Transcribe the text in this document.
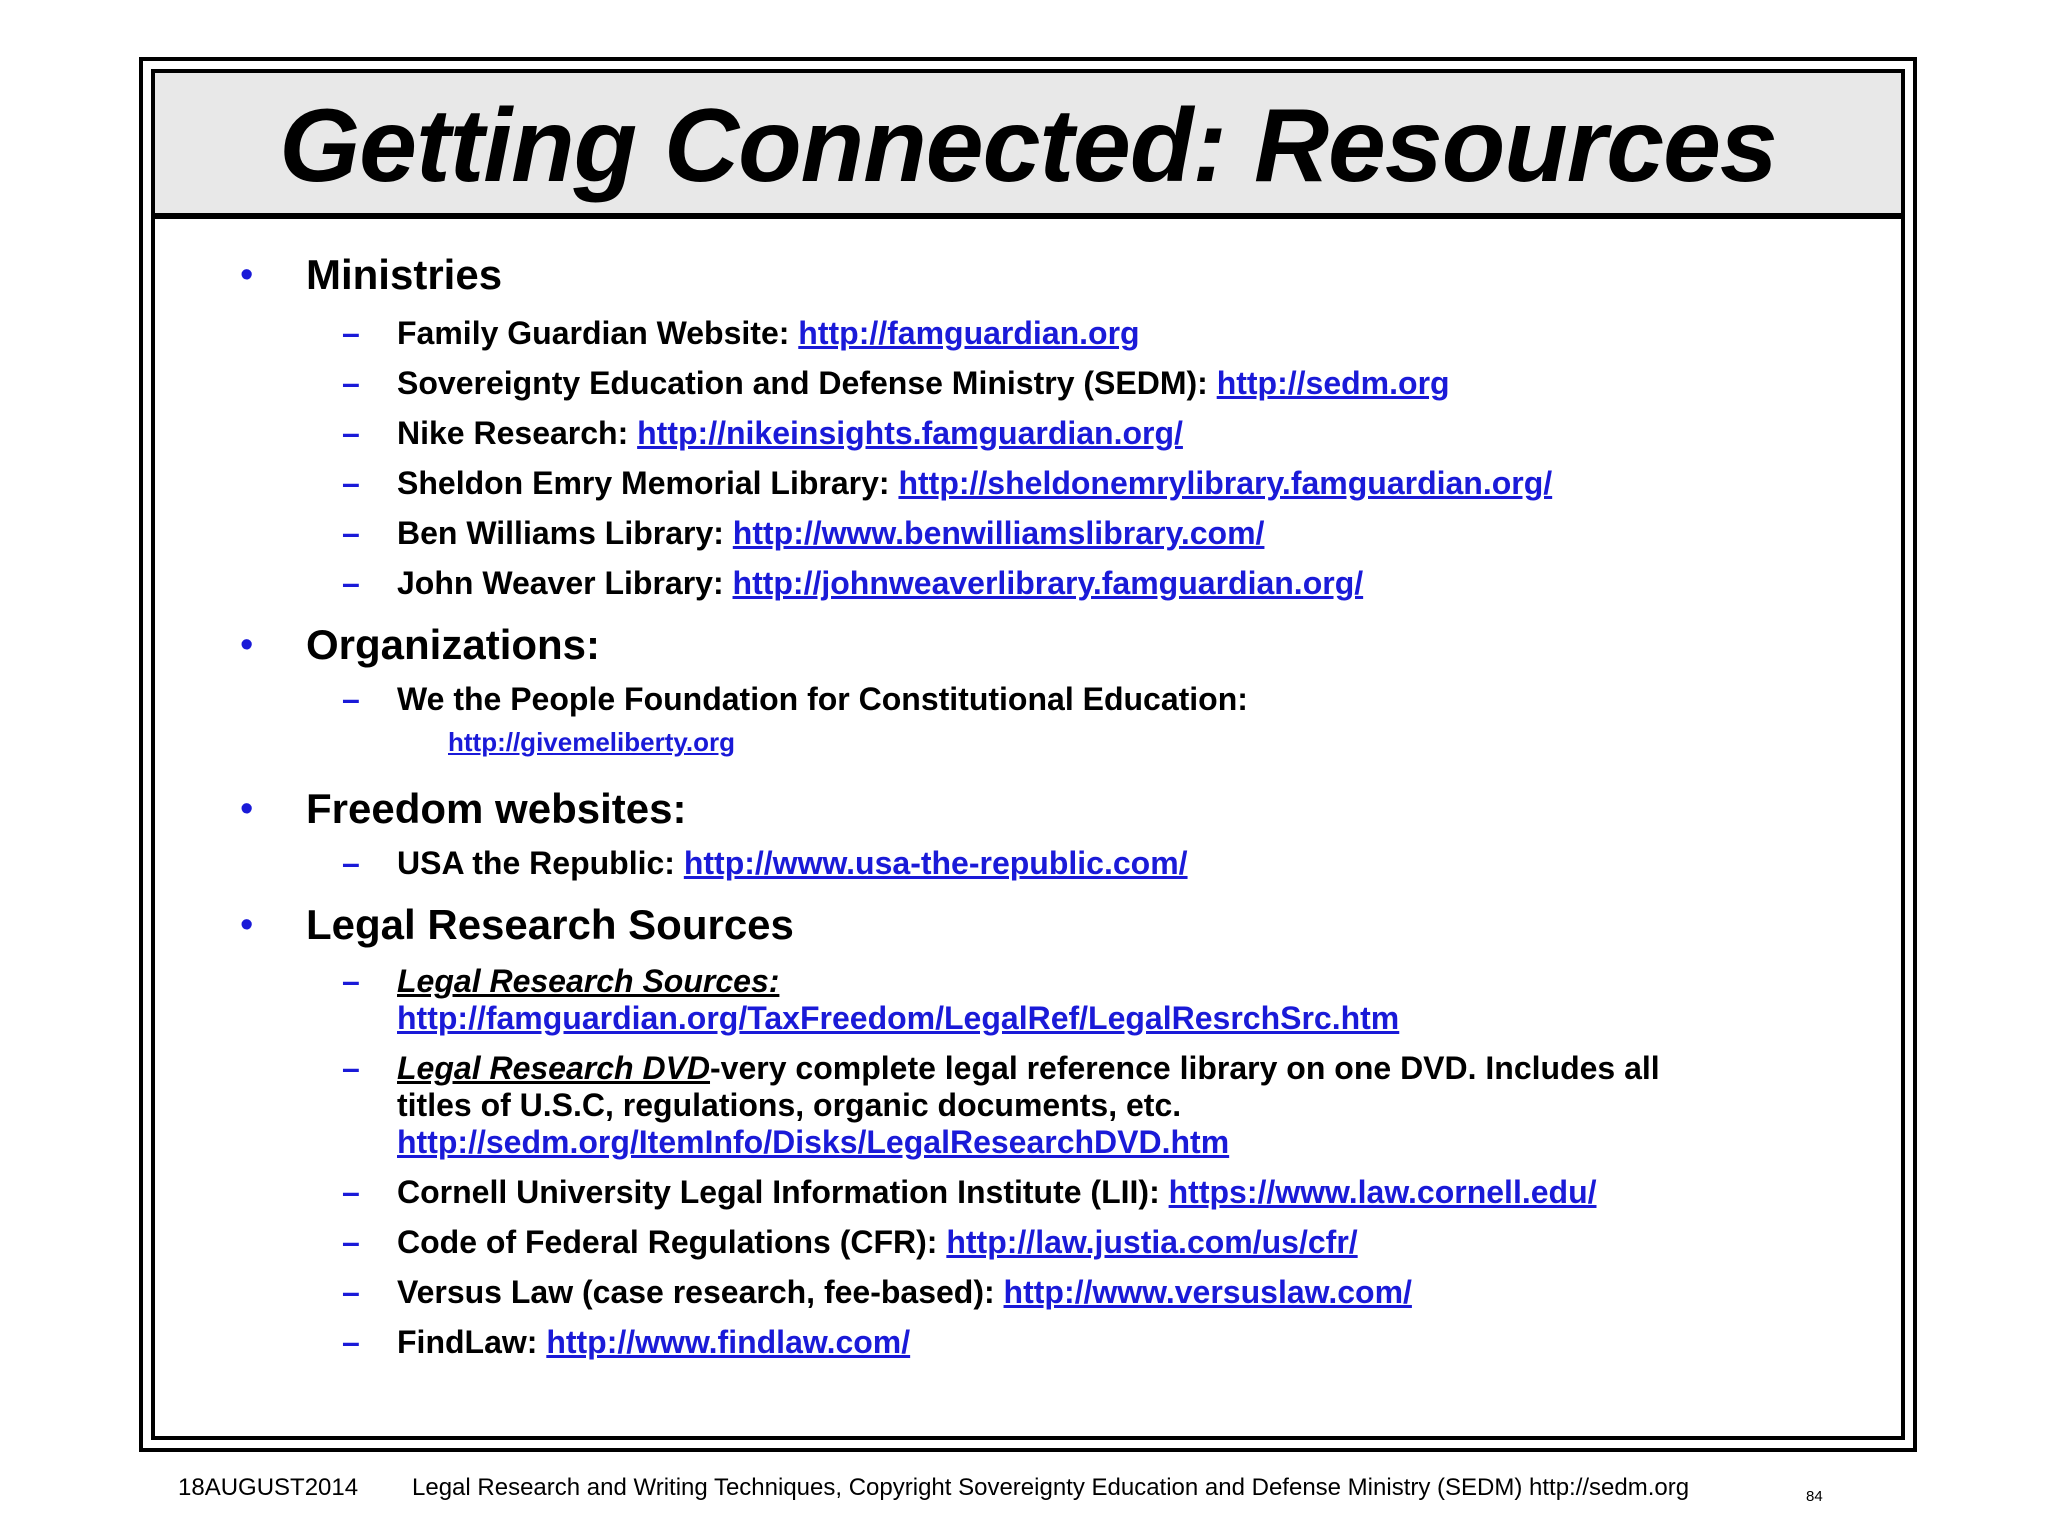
Getting Connected: Resources
• Ministries
– Family Guardian Website: http://famguardian.org
– Sovereignty Education and Defense Ministry (SEDM): http://sedm.org
– Nike Research: http://nikeinsights.famguardian.org/
– Sheldon Emry Memorial Library: http://sheldonemrylibrary.famguardian.org/
– Ben Williams Library: http://www.benwilliamslibrary.com/
– John Weaver Library: http://johnweaverlibrary.famguardian.org/
• Organizations:
– We the People Foundation for Constitutional Education:
http://givemeliberty.org
• Freedom websites:
– USA the Republic: http://www.usa-the-republic.com/
• Legal Research Sources
– Legal Research Sources:
http://famguardian.org/TaxFreedom/LegalRef/LegalResrchSrc.htm
– Legal Research DVD-very complete legal reference library on one DVD. Includes all titles of U.S.C, regulations, organic documents, etc.
http://sedm.org/ItemInfo/Disks/LegalResearchDVD.htm
– Cornell University Legal Information Institute (LII): https://www.law.cornell.edu/
– Code of Federal Regulations (CFR): http://law.justia.com/us/cfr/
– Versus Law (case research, fee-based): http://www.versuslaw.com/
– FindLaw: http://www.findlaw.com/
18AUGUST2014 Legal Research and Writing Techniques, Copyright Sovereignty Education and Defense Ministry (SEDM) http://sedm.org	84
